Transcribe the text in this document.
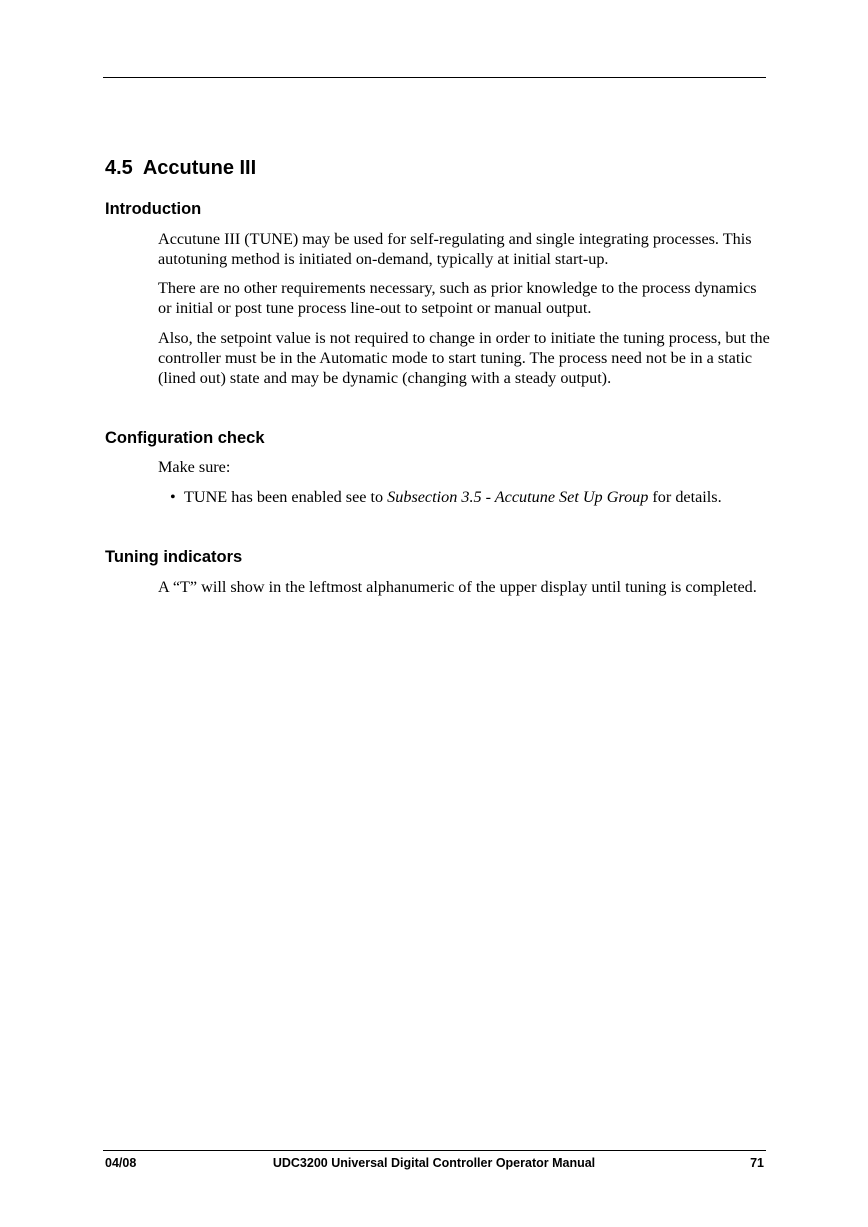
4.5 Accutune III
Introduction

Accutune III (TUNE) may be used for self-regulating and single integrating processes. This autotuning method is initiated on-demand, typically at initial start-up.

There are no other requirements necessary, such as prior knowledge to the process dynamics or initial or post tune process line-out to setpoint or manual output.

Also, the setpoint value is not required to change in order to initiate the tuning process, but the controller must be in the Automatic mode to start tuning. The process need not be in a static (lined out) state and may be dynamic (changing with a steady output).

Configuration check

Make sure:

• TUNE has been enabled see to Subsection 3.5 - Accutune Set Up Group for details.

Tuning indicators

A “T” will show in the leftmost alphanumeric of the upper display until tuning is completed.

04/08	UDC3200 Universal Digital Controller Operator Manual	71
